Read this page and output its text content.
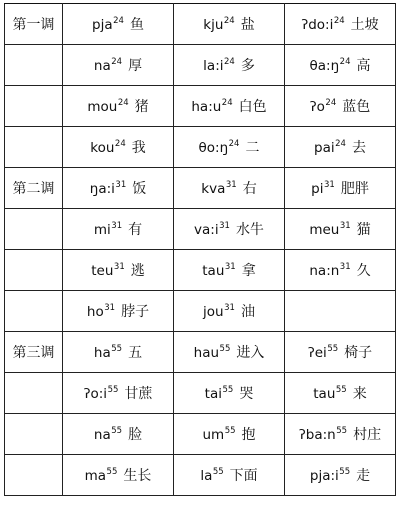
第一调	pja$^{24}$ 鱼	kju$^{24}$ 盐	$ʔdo:i^{24}$ 土坡
	$na^{24}$ 厚	$la:i^{24}$ 多	$\theta a:ŋ^{24}$ 高
	mou$^{24}$ 猪	$ha:u^{24}$ 白色	ʔo$^{24}$ 蓝色
	kou$^{24}$ 我	$\theta o:ŋ^{24}$ 二	pai$^{24}$ 去
第二调	$ŋa:i^{31}$ 饭	kva$^{31}$ 右	$pi^{31}$ 肥胖
	$mi^{31}$ 有	$va:i^{31}$ 水牛	meu$^{31}$ 猫
	teu$^{31}$ 逃	tau$^{31}$ 拿	$na:n^{31}$ 久
	$ho^{31}$ 脖子	jou$^{31}$ 油	
第三调	$ha^{55}$ 五	hau$^{55}$ 进入	ʔei$^{55}$ 椅子
	$ʔo:i^{55}$ 甘蔗	tai$^{55}$ 哭	tau$^{55}$ 来
	$na^{55}$ 脸	$um^{55}$ 抱	$ʔba:n^{55}$ 村庄
	$ma^{55}$ 生长	$la^{55}$ 下面	$pja:i^{55}$ 走
